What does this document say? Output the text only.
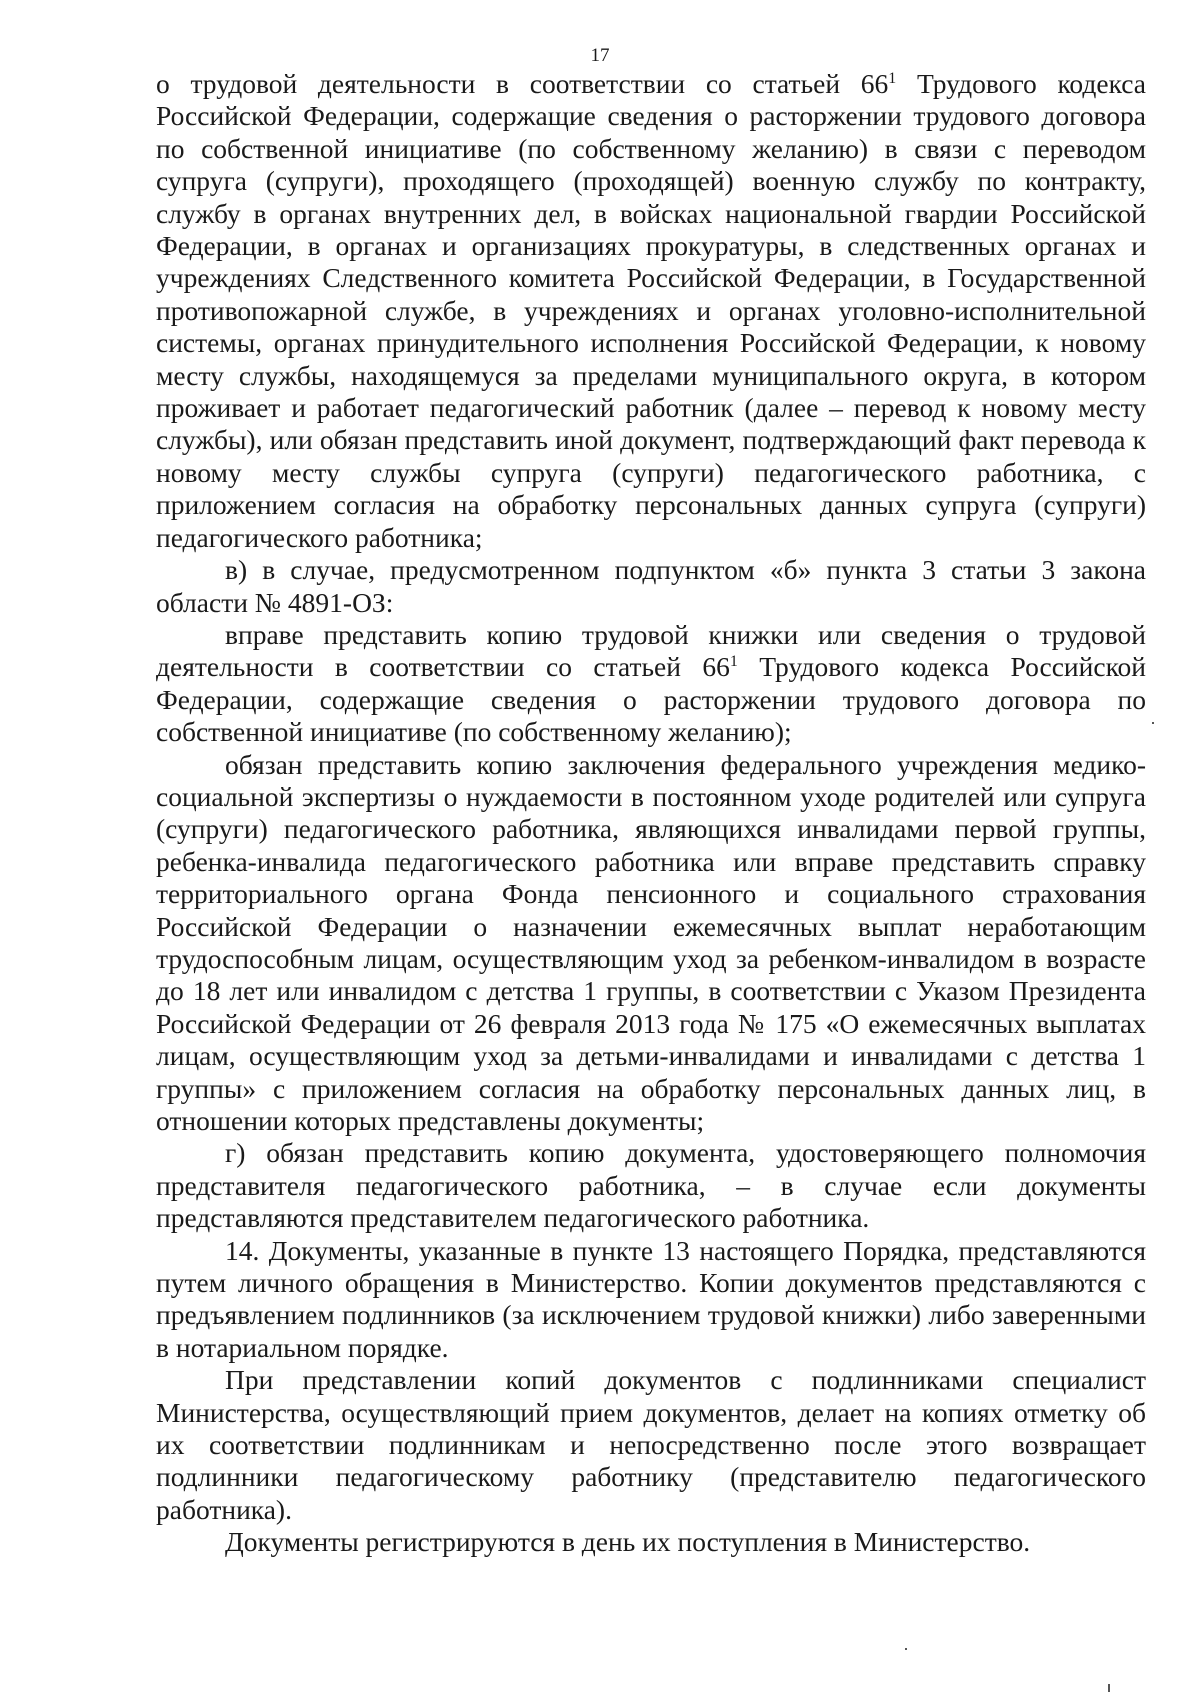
17

о трудовой деятельности в соответствии со статьей $66^1$ Трудового кодекса Российской Федерации, содержащие сведения о расторжении трудового договора по собственной инициативе (по собственному желанию) в связи с переводом супруга (супруги), проходящего (проходящей) военную службу по контракту, службу в органах внутренних дел, в войсках национальной гвардии Российской Федерации, в органах и организациях прокуратуры, в следственных органах и учреждениях Следственного комитета Российской Федерации, в Государственной противопожарной службе, в учреждениях и органах уголовно-исполнительной системы, органах принудительного исполнения Российской Федерации, к новому месту службы, находящемуся за пределами муниципального округа, в котором проживает и работает педагогический работник (далее – перевод к новому месту службы), или обязан представить иной документ, подтверждающий факт перевода к новому месту службы супруга (супруги) педагогического работника, с приложением согласия на обработку персональных данных супруга (супруги) педагогического работника;

в) в случае, предусмотренном подпунктом «б» пункта 3 статьи 3 закона области № 4891-ОЗ:

вправе представить копию трудовой книжки или сведения о трудовой деятельности в соответствии со статьей $66^1$ Трудового кодекса Российской Федерации, содержащие сведения о расторжении трудового договора по собственной инициативе (по собственному желанию);

обязан представить копию заключения федерального учреждения медико-социальной экспертизы о нуждаемости в постоянном уходе родителей или супруга (супруги) педагогического работника, являющихся инвалидами первой группы, ребенка-инвалида педагогического работника или вправе представить справку территориального органа Фонда пенсионного и социального страхования Российской Федерации о назначении ежемесячных выплат неработающим трудоспособным лицам, осуществляющим уход за ребенком-инвалидом в возрасте до 18 лет или инвалидом с детства 1 группы, в соответствии с Указом Президента Российской Федерации от 26 февраля 2013 года № 175 «О ежемесячных выплатах лицам, осуществляющим уход за детьми-инвалидами и инвалидами с детства 1 группы» с приложением согласия на обработку персональных данных лиц, в отношении которых представлены документы;

г) обязан представить копию документа, удостоверяющего полномочия представителя педагогического работника, – в случае если документы представляются представителем педагогического работника.

14. Документы, указанные в пункте 13 настоящего Порядка, представляются путем личного обращения в Министерство. Копии документов представляются с предъявлением подлинников (за исключением трудовой книжки) либо заверенными в нотариальном порядке.

При представлении копий документов с подлинниками специалист Министерства, осуществляющий прием документов, делает на копиях отметку об их соответствии подлинникам и непосредственно после этого возвращает подлинники педагогическому работнику (представителю педагогического работника).

Документы регистрируются в день их поступления в Министерство.
